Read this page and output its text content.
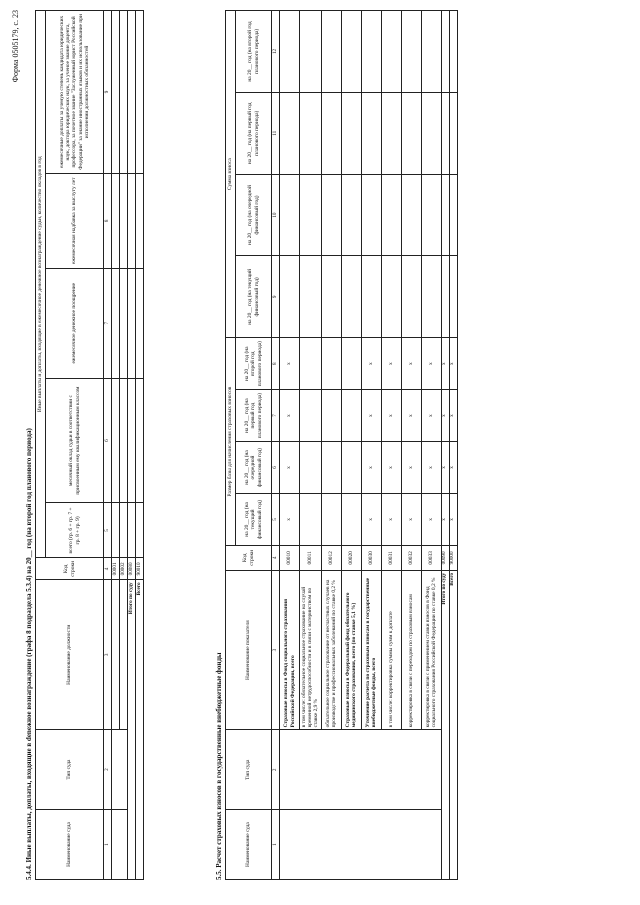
Форма 0505179, с. 23
5.4.4. Иные выплаты, доплаты, входящие в denежное вознаграждение (графа 8 подраздела 5.3.4) на 20__ год (на второй год планового периода)	Наименование суда	Тип суда	Наименование должности	Код строки	Иные выплаты и доплаты, входящие в ежемесячное денежное вознаграждение судьи, количество окладов в год				
				всего (гр. 6 + гр. 7 + гр. 8 + гр. 9)	месячный оклад судьи в соответствии с присвоенным ему квалификационным классом	ежемесячное денежное поощрение	ежемесячная надбавка за выслугу лет	ежемесячные доплаты за ученую степень кандидата юридических наук, доктора юридических наук, за ученое звание доцента, профессора, за почетное звание "Заслуженный юрист Российской Федерации" за знание иностранных языков и их использование при исполнении должностных обязанностей
1	2	3	4	5	6	7	8	9
			00001					
			00002					
Итого по суду			00080					
Всего			90010					
5.5. Расчет страховых взносов в государственные внебюджетные фонды	Наименование суда	Тип суда	Наименование показателя	Код строки	Размер базы для начисления страховых взносов				Сумма взноса			
				на 20__ год (на текущий финансовый год)	на 20__ год (на очередной финансовый год)	на 20__ год (на первый год планового периода)	на 20__ год (на второй год планового периода)	на 20__ год (на текущий финансовый год)	на 20__ год (на очередной финансовый год)	на 20__ год (на первый год планового периода)	на 20__ год (на второй год планового периода)
1	2	3	4	5	6	7	8	9	10	11	12
		Страховые взносы в Фонд социального страхования Российской Федерации, всего	00010	х	х	х	х				
		в том числе: обязательное социальное страхование на случай временной нетрудоспособности и в связи с материнством по ставке 2,9 %	00011								
		обязательное социальное страхование от несчастных случаев на производстве и профессиональных заболеваний по ставке 0,2 %	00012								
		Страховые взносы в Федеральный фонд обязательного медицинского страхования, всего (по ставке 5,1 %)	00020								
		Уточнение расчета по страховым взносам в государственные внебюджетные фонды, всего	00030	х	х	х	х				
		в том числе: корректировка суммы сумм к доплате	00031	х	х	х	х				
		корректировка в связи с переходом по страховым взносам	00032	х	х	х	х				
		корректировка в связи с применением ставки взносов в Фонд социального страхования Российской Федерации по ставке 0,2 %	00033	х	х	х	х				
Итого по суду			00090	х	х	х	х				
Всего			90000	х	х	х	х				
